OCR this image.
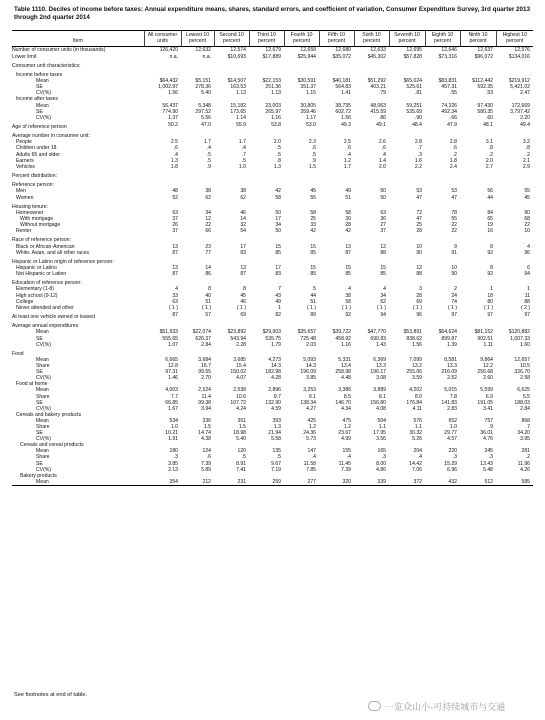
Table 1110. Deciles of income before taxes: Annual expenditure means, shares, standard errors, and coefficient of variation, Consumer Expenditure Survey, 3rd quarter 2013 through 2nd quarter 2014
Item	All consumer units	Lowest 10 percent	Second 10 percent	Third 10 percent	Fourth 10 percent	Fifth 10 percent	Sixth 10 percent	Seventh 10 percent	Eighth 10 percent	Ninth 10 percent	Highest 10 percent
Number of consumer units (in thousands)	126,420	12,632	12,574	12,679	12,658	12,680	12,633	12,695	12,646	12,637	12,576
Lower limit	n.a.	n.a.	$10,693	$17,889	$25,944	$35,072	$45,302	$57,828	$73,316	$96,072	$134,016
Consumer unit characteristics:											
Income before taxes											
Mean	$64,432	$5,151	$14,507	$22,153	$30,591	$40,181	$51,292	$65,024	$83,831	$112,442	$219,912
SE	1,002.97	278.36	163.53	251.36	351.37	564.83	403.21	525.61	457.31	592.35	5,421.02
CV(%)	1.56	5.40	1.13	1.13	1.15	1.41	.79	.81	.55	.53	2.47
Income after taxes											
Mean	56,437	5,348	15,182	23,003	30,805	38,735	48,063	59,251	74,326	97,430	172,669
SE	774.90	297.52	173.65	265.97	359.46	602.72	415.59	535.69	492.34	580.35	3,797.42
CV(%)	1.37	5.56	1.14	1.16	1.17	1.56	.86	.90	.66	.60	2.20
Age of reference person	50.2	47.0	55.9	53.8	53.0	49.3	49.1	48.4	47.9	48.1	49.4
Average number in consumer unit:											
People	2.5	1.7	1.7	2.0	2.3	2.5	2.6	2.8	2.8	3.1	3.2
Children under 18	.6	.4	.4	.5	.6	.6	.6	.7	.6	.8	.8
Adults 65 and older	.4	.5	.7	.5	.5	.4	.4	.3	.2	.2	.2
Earners	1.3	.5	.5	.8	.9	1.2	1.4	1.6	1.8	2.0	2.1
Vehicles	1.8	.9	1.0	1.3	1.5	1.7	2.0	2.2	2.4	2.7	2.9
Percent distribution:											
Reference person:											
Men	48	38	38	42	45	49	50	53	53	56	55
Women	52	62	62	58	55	51	50	47	47	44	45
Housing tenure:											
Homeowner	63	34	46	50	58	58	63	72	78	84	90
With mortgage	37	12	14	17	25	30	36	47	55	65	68
Without mortgage	26	22	32	34	33	28	27	25	22	19	22
Renter	37	66	54	50	42	42	37	28	22	16	10
Race of reference person:											
Black or African-American	13	23	17	15	15	13	12	10	9	8	4
White, Asian, and all other races	87	77	83	85	85	87	88	90	91	92	96
Hispanic or Latino origin of reference person:											
Hispanic or Latino	13	14	13	17	15	15	15	12	10	8	6
Not Hispanic or Latino	87	86	87	83	85	85	85	88	90	92	94
Education of reference person:											
Elementary (1-8)	4	8	8	7	5	4	4	3	2	1	1
High school (9-12)	33	40	45	43	44	38	34	28	24	18	11
College	63	51	46	49	51	58	62	69	74	80	88
Never attended and other	( 1 )	( 1 )	( 1 )	1	( 1 )	( 1 )	( 1 )	( 1 )	( 1 )	( 1 )	( 2 )
At least one vehicle owned or leased	87	57	69	82	89	92	94	96	97	97	97
Average annual expenditures											
Mean	$51,933	$22,074	$23,892	$29,903	$35,657	$39,722	$47,770	$53,891	$64,624	$81,152	$120,882
SE	555.65	626.37	543.94	535.75	725.48	458.92	690.83	838.62	899.87	902.51	1,007.33
CV(%)	1.07	2.84	2.28	1.79	2.03	1.16	1.43	1.56	1.39	1.11	1.60
Food											
Mean	6,665	3,684	3,685	4,273	5,093	5,331	6,369	7,099	8,581	9,864	12,657
Share	12.8	16.7	15.4	14.3	14.3	13.4	13.3	13.2	13.3	12.2	10.5
SE	97.31	99.55	150.02	182.98	196.09	258.98	196.17	255.06	216.09	256.68	326.70
CV(%)	1.46	2.70	4.07	4.28	3.85	4.48	3.08	3.59	2.52	2.60	2.58
Food at home											
Mean	4,003	2,524	2,538	2,896	3,253	3,386	3,889	4,202	5,015	5,599	6,625
Share	7.7	11.4	10.6	9.7	9.1	8.5	8.1	8.0	7.8	6.9	5.5
SE	66.85	99.38	107.72	132.90	138.34	146.70	156.80	176.84	141.83	191.05	188.03
CV(%)	1.67	3.94	4.24	4.59	4.27	4.34	4.08	4.11	2.83	3.41	2.84
Cereals and bakery products											
Mean	534	336	351	393	425	475	504	576	652	757	868
Share	1.0	1.5	1.5	1.3	1.2	1.2	1.1	1.1	1.0	.9	.7
SE	10.21	14.74	18.98	21.94	24.36	23.67	17.95	30.32	29.77	36.01	34.20
CV(%)	1.91	4.38	5.40	5.58	5.73	4.99	3.56	5.26	4.57	4.76	3.95
Cereals and cereal products											
Mean	180	124	120	135	147	155	165	204	220	245	281
Share	.3	.6	.5	.5	.4	.4	.3	.4	.3	.3	.2
SE	3.85	7.39	8.91	9.67	11.58	11.45	8.00	14.42	15.29	13.43	11.96
CV(%)	2.13	5.89	7.41	7.19	7.85	7.39	4.86	7.06	6.96	5.48	4.26
Bakery products											
Mean	354	212	231	259	277	320	339	372	432	512	585
See footnotes at end of table.
一览众山小-可持续城市与交通
